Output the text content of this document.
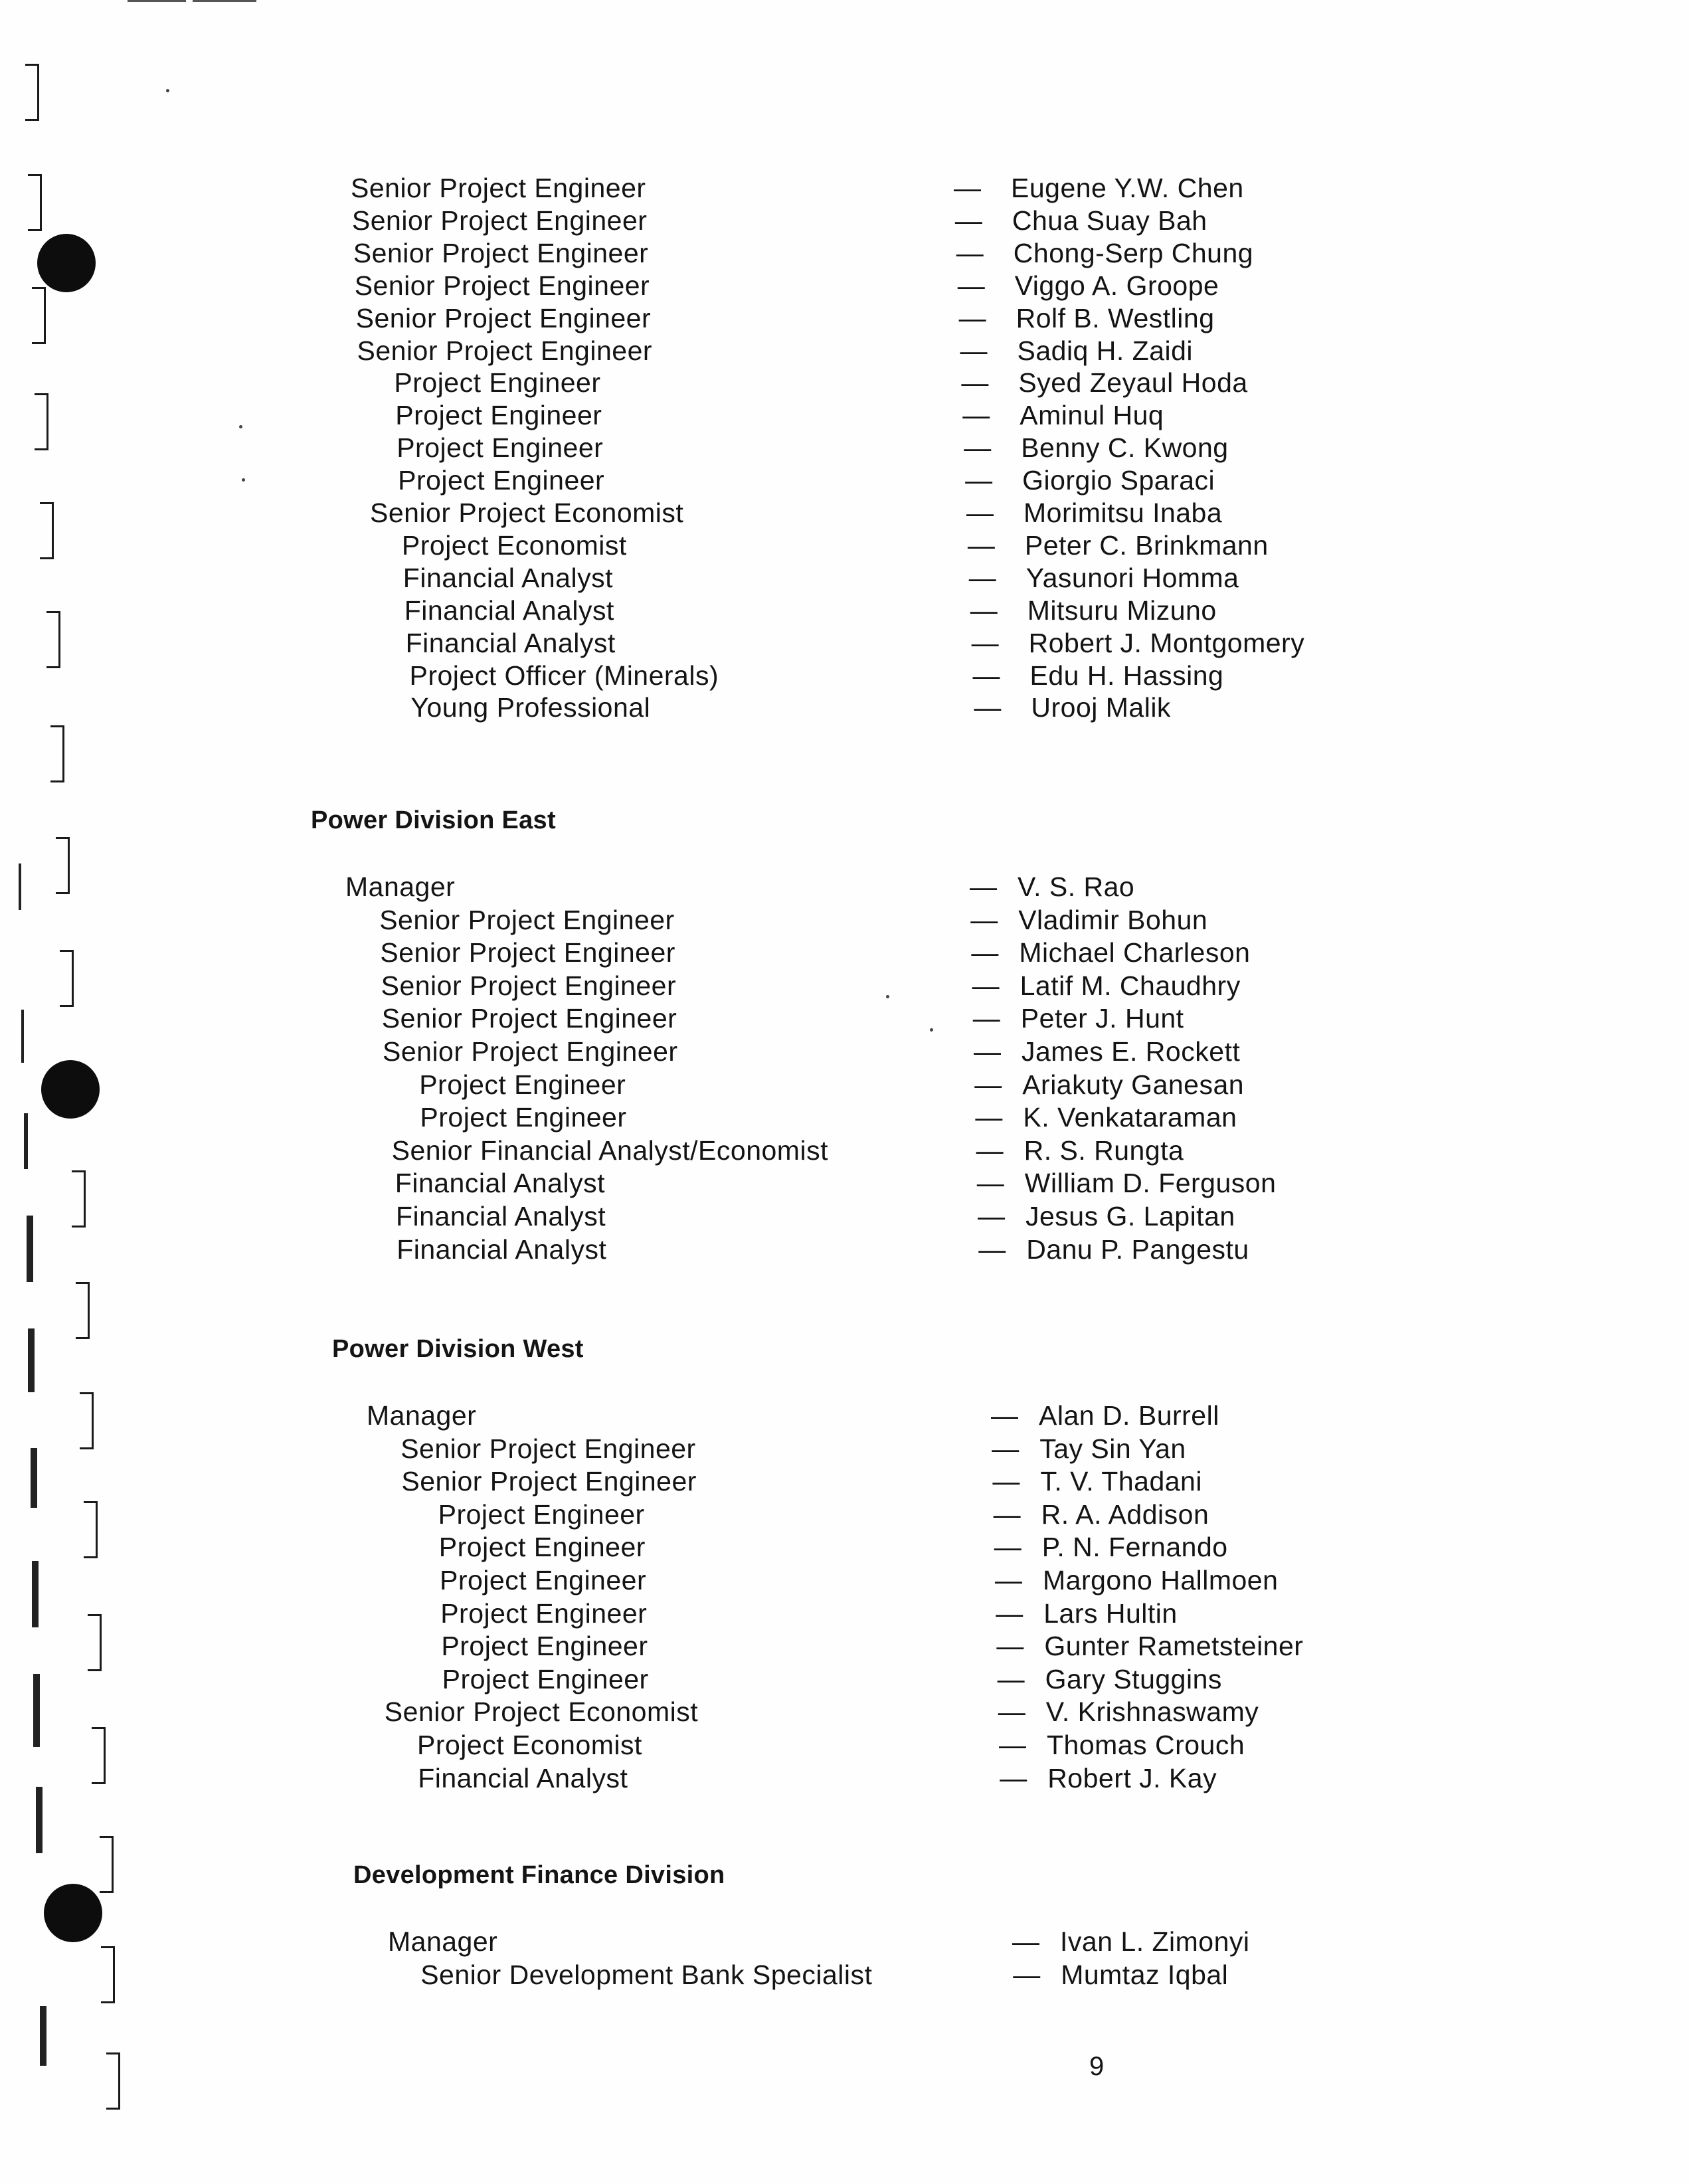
Senior Project Engineer	— Eugene Y.W. Chen
Senior Project Engineer	— Chua Suay Bah
Senior Project Engineer	— Chong-Serp Chung
Senior Project Engineer	— Viggo A. Groope
Senior Project Engineer	— Rolf B. Westling
Senior Project Engineer	— Sadiq H. Zaidi
Project Engineer	— Syed Zeyaul Hoda
Project Engineer	— Aminul Huq
Project Engineer	— Benny C. Kwong
Project Engineer	— Giorgio Sparaci
Senior Project Economist	— Morimitsu Inaba
Project Economist	— Peter C. Brinkmann
Financial Analyst	— Yasunori Homma
Financial Analyst	— Mitsuru Mizuno
Financial Analyst	— Robert J. Montgomery
Project Officer (Minerals)	— Edu H. Hassing
Young Professional	— Urooj Malik
Power Division East
Manager	— V. S. Rao
Senior Project Engineer	— Vladimir Bohun
Senior Project Engineer	— Michael Charleson
Senior Project Engineer	— Latif M. Chaudhry
Senior Project Engineer	— Peter J. Hunt
Senior Project Engineer	— James E. Rockett
Project Engineer	— Ariakuty Ganesan
Project Engineer	— K. Venkataraman
Senior Financial Analyst/Economist	— R. S. Rungta
Financial Analyst	— William D. Ferguson
Financial Analyst	— Jesus G. Lapitan
Financial Analyst	— Danu P. Pangestu
Power Division West
Manager	— Alan D. Burrell
Senior Project Engineer	— Tay Sin Yan
Senior Project Engineer	— T. V. Thadani
Project Engineer	— R. A. Addison
Project Engineer	— P. N. Fernando
Project Engineer	— Margono Hallmoen
Project Engineer	— Lars Hultin
Project Engineer	— Gunter Rametsteiner
Project Engineer	— Gary Stuggins
Senior Project Economist	— V. Krishnaswamy
Project Economist	— Thomas Crouch
Financial Analyst	— Robert J. Kay
Development Finance Division
Manager	— Ivan L. Zimonyi
Senior Development Bank Specialist	— Mumtaz Iqbal
9
